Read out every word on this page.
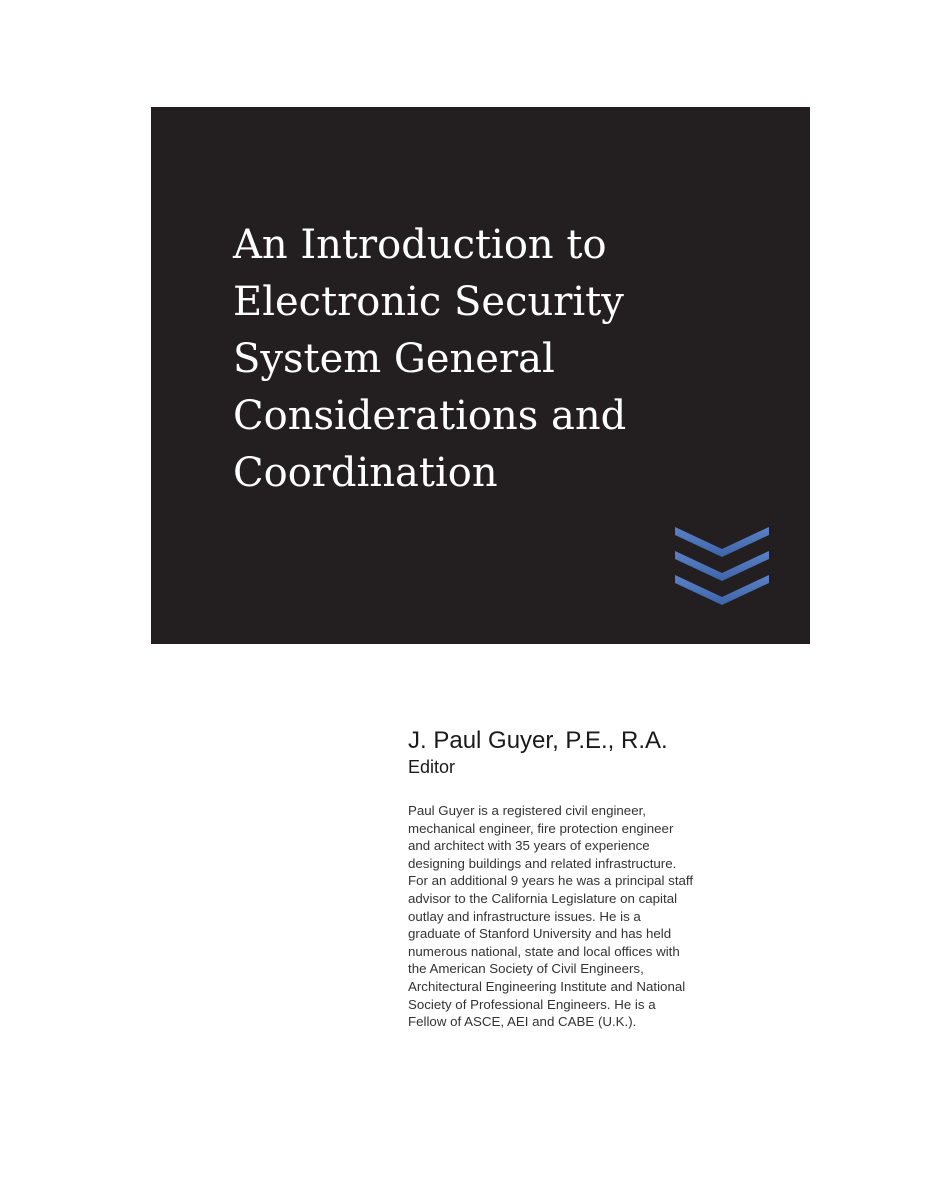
An Introduction to
Electronic Security
System General
Considerations and
Coordination

J. Paul Guyer, P.E., R.A.

Editor

Paul Guyer is a registered civil engineer,
mechanical engineer, fire protection engineer
and architect with 35 years of experience
designing buildings and related infrastructure.
For an additional 9 years he was a principal staff
advisor to the California Legislature on capital
outlay and infrastructure issues. He is a
graduate of Stanford University and has held
numerous national, state and local offices with
the American Society of Civil Engineers,
Architectural Engineering Institute and National
Society of Professional Engineers. He is a
Fellow of ASCE, AEI and CABE (U.K.).
